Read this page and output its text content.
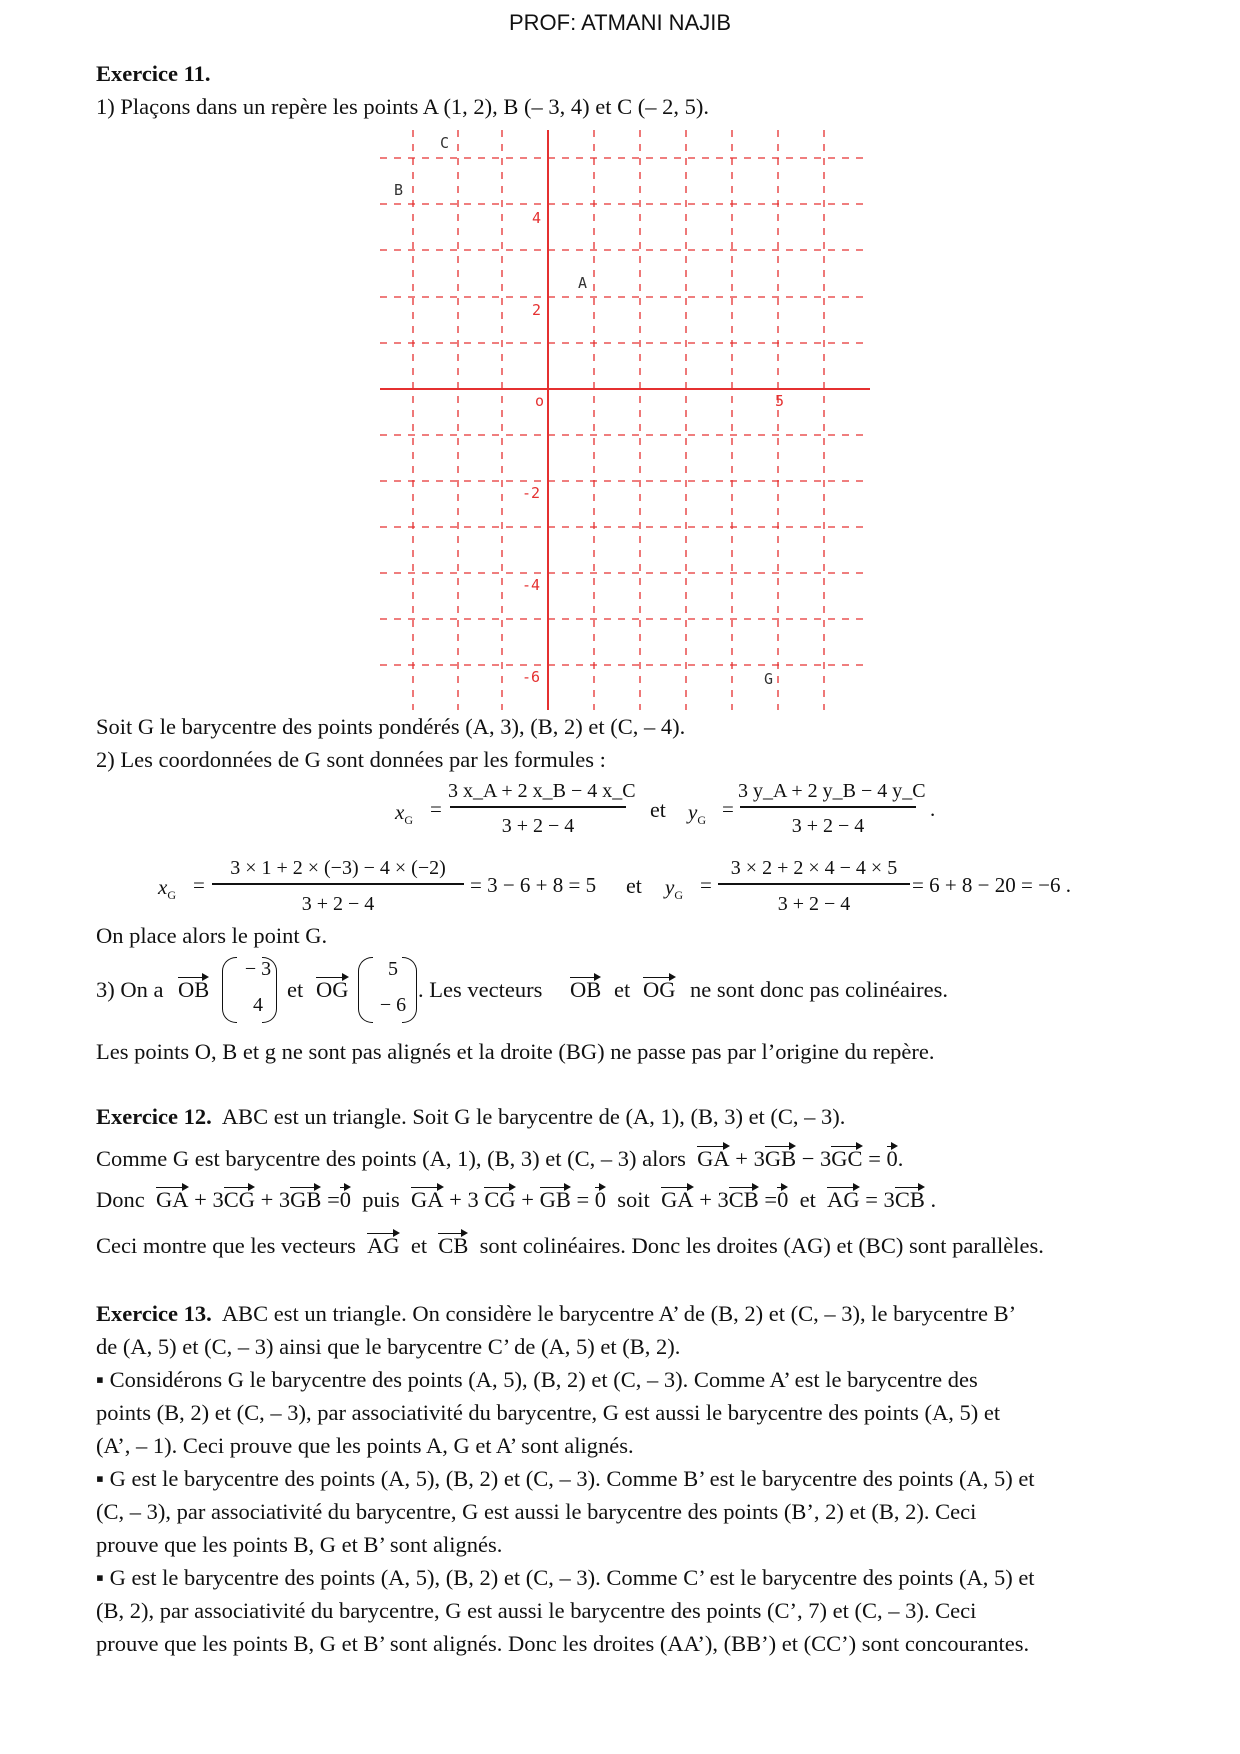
PROF: ATMANI NAJIB
Exercice 11.
1) Plaçons dans un repère les points A (1, 2), B (– 3, 4) et C (– 2, 5).
4
2
o	5
-2
-4
-6
C
B
A
G
Soit G le barycentre des points pondérés (A, 3), (B, 2) et (C, – 4).
2) Les coordonnées de G sont données par les formules :
$x_G$ =
3 x_A + 2 x_B − 4 x_C
3 + 2 − 4
et $y_G$ =
3 y_A + 2 y_B − 4 y_C
3 + 2 − 4
.
$x_G$ =
3 × 1 + 2 × (−3) − 4 × (−2)
3 + 2 − 4
= 3 − 6 + 8 = 5 et $y_G$ =
3 × 2 + 2 × 4 − 4 × 5
3 + 2 − 4
= 6 + 8 − 20 = −6 .
On place alors le point G.
3) On a OB
− 3
4
et OG
5
− 6
. Les vecteurs OB et OG ne sont donc pas colinéaires.
Les points O, B et g ne sont pas alignés et la droite (BG) ne passe pas par l’origine du repère.
Exercice 12. ABC est un triangle. Soit G le barycentre de (A, 1), (B, 3) et (C, – 3).
Comme G est barycentre des points (A, 1), (B, 3) et (C, – 3) alors GA + 3GB − 3GC = 0.
Donc GA + 3CG + 3GB =0 puis GA + 3 CG + GB = 0 soit GA + 3CB =0 et AG = 3CB .
Ceci montre que les vecteurs AG et CB sont colinéaires. Donc les droites (AG) et (BC) sont parallèles.
Exercice 13. ABC est un triangle. On considère le barycentre A’ de (B, 2) et (C, – 3), le barycentre B’
de (A, 5) et (C, – 3) ainsi que le barycentre C’ de (A, 5) et (B, 2).
▪ Considérons G le barycentre des points (A, 5), (B, 2) et (C, – 3). Comme A’ est le barycentre des
points (B, 2) et (C, – 3), par associativité du barycentre, G est aussi le barycentre des points (A, 5) et
(A’, – 1). Ceci prouve que les points A, G et A’ sont alignés.
▪ G est le barycentre des points (A, 5), (B, 2) et (C, – 3). Comme B’ est le barycentre des points (A, 5) et
(C, – 3), par associativité du barycentre, G est aussi le barycentre des points (B’, 2) et (B, 2). Ceci
prouve que les points B, G et B’ sont alignés.
▪ G est le barycentre des points (A, 5), (B, 2) et (C, – 3). Comme C’ est le barycentre des points (A, 5) et
(B, 2), par associativité du barycentre, G est aussi le barycentre des points (C’, 7) et (C, – 3). Ceci
prouve que les points B, G et B’ sont alignés. Donc les droites (AA’), (BB’) et (CC’) sont concourantes.
